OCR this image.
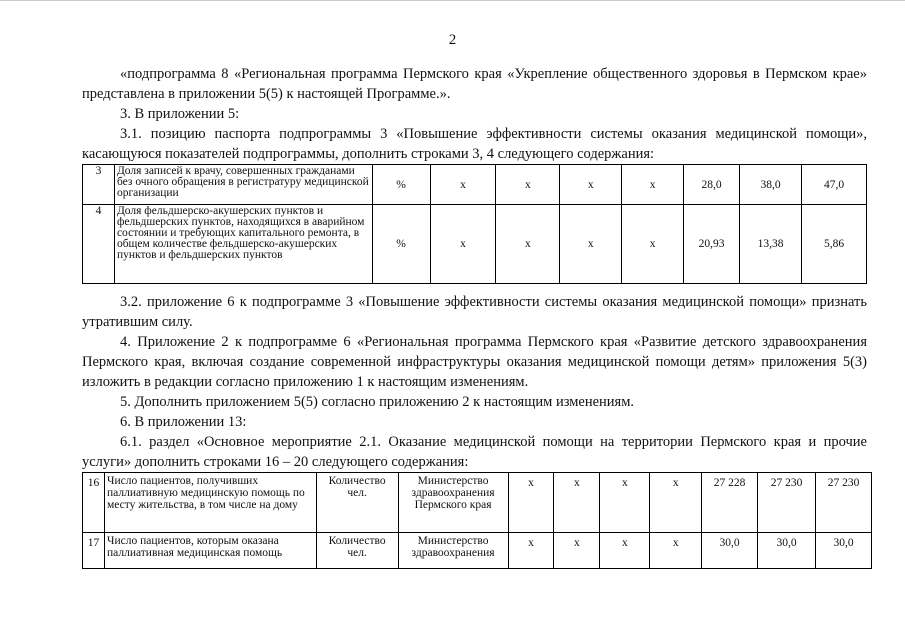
2

«подпрограмма 8 «Региональная программа Пермского края «Укрепление общественного здоровья в Пермском крае» представлена в приложении 5(5) к настоящей Программе.».

3. В приложении 5:

3.1. позицию паспорта подпрограммы 3 «Повышение эффективности системы оказания медицинской помощи», касающуюся показателей подпрограммы, дополнить строками 3, 4 следующего содержания:

3	Доля записей к врачу, совершенных гражданами без очного обращения в регистратуру медицинской организации	%	x	x	x	x	28,0	38,0	47,0
4	Доля фельдшерско-акушерских пунктов и фельдшерских пунктов, находящихся в аварийном состоянии и требующих капитального ремонта, в общем количестве фельдшерско-акушерских пунктов и фельдшерских пунктов	%	x	x	x	x	20,93	13,38	5,86

3.2. приложение 6 к подпрограмме 3 «Повышение эффективности системы оказания медицинской помощи» признать утратившим силу.

4. Приложение 2 к подпрограмме 6 «Региональная программа Пермского края «Развитие детского здравоохранения Пермского края, включая создание современной инфраструктуры оказания медицинской помощи детям» приложения 5(3) изложить в редакции согласно приложению 1 к настоящим изменениям.

5. Дополнить приложением 5(5) согласно приложению 2 к настоящим изменениям.

6. В приложении 13:

6.1. раздел «Основное мероприятие 2.1. Оказание медицинской помощи на территории Пермского края и прочие услуги» дополнить строками 16 – 20 следующего содержания:

16	Число пациентов, получивших паллиативную медицинскую помощь по месту жительства, в том числе на дому	Количество чел.	Министерство здравоохранения Пермского края	x	x	x	x	27 228	27 230	27 230
17	Число пациентов, которым оказана паллиативная медицинская помощь	Количество чел.	Министерство здравоохранения	x	x	x	x	30,0	30,0	30,0
